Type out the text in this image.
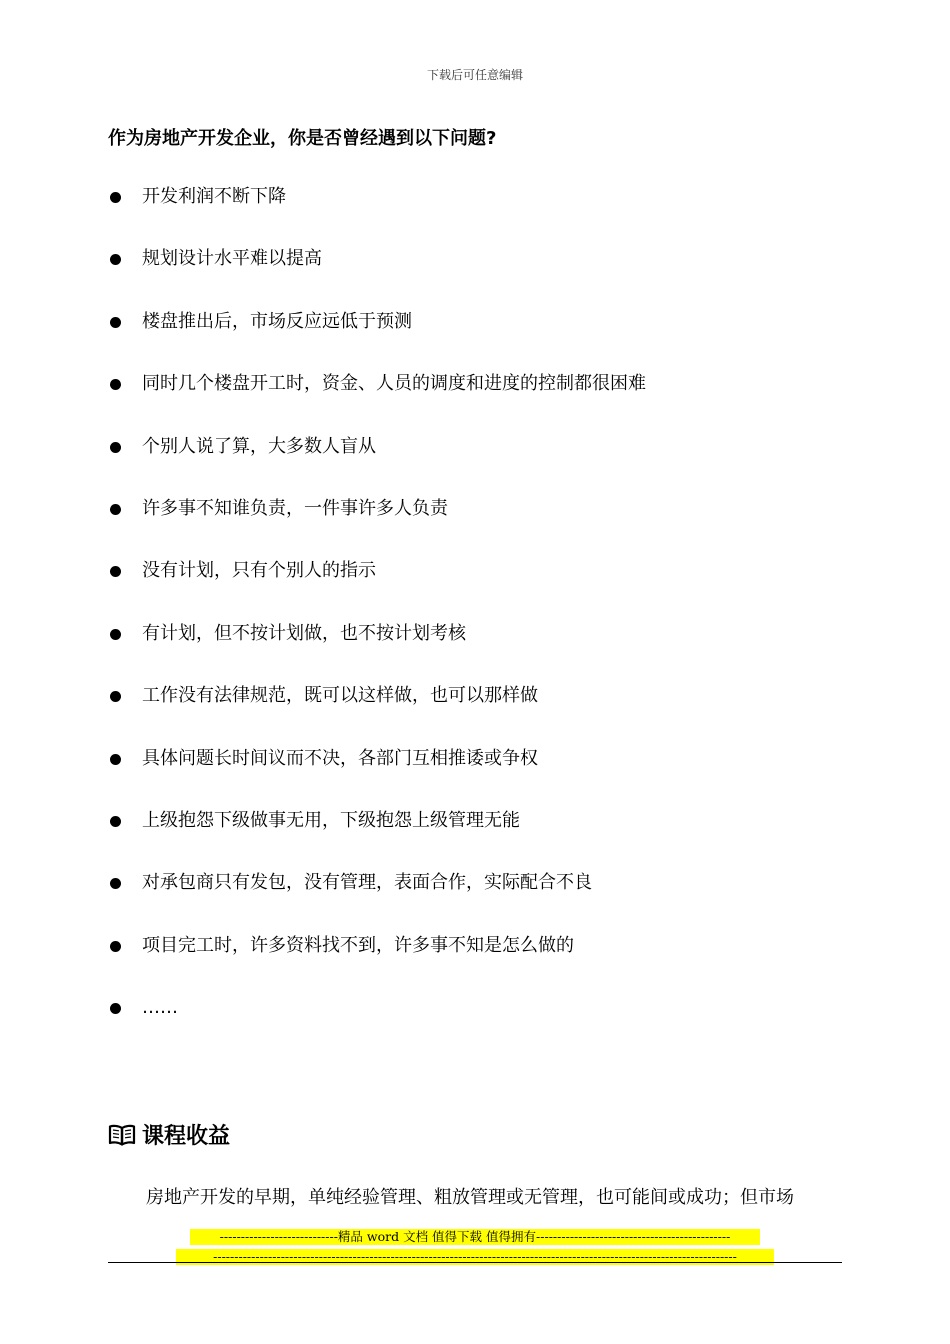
下载后可任意编辑
作为房地产开发企业，你是否曾经遇到以下问题?
开发利润不断下降
规划设计水平难以提高
楼盘推出后，市场反应远低于预测
同时几个楼盘开工时，资金、人员的调度和进度的控制都很困难
个别人说了算，大多数人盲从
许多事不知谁负责，一件事许多人负责
没有计划，只有个别人的指示
有计划，但不按计划做，也不按计划考核
工作没有法律规范，既可以这样做，也可以那样做
具体问题长时间议而不决，各部门互相推诿或争权
上级抱怨下级做事无用，下级抱怨上级管理无能
对承包商只有发包，没有管理，表面合作，实际配合不良
项目完工时，许多资料找不到，许多事不知是怎么做的
……
课程收益
房地产开发的早期，单纯经验管理、粗放管理或无管理，也可能间或成功；但市场
----------------------------精品 word 文档 值得下载 值得拥有----------------------------------------------
----------------------------------------------------------------------------------------------------------------------------
